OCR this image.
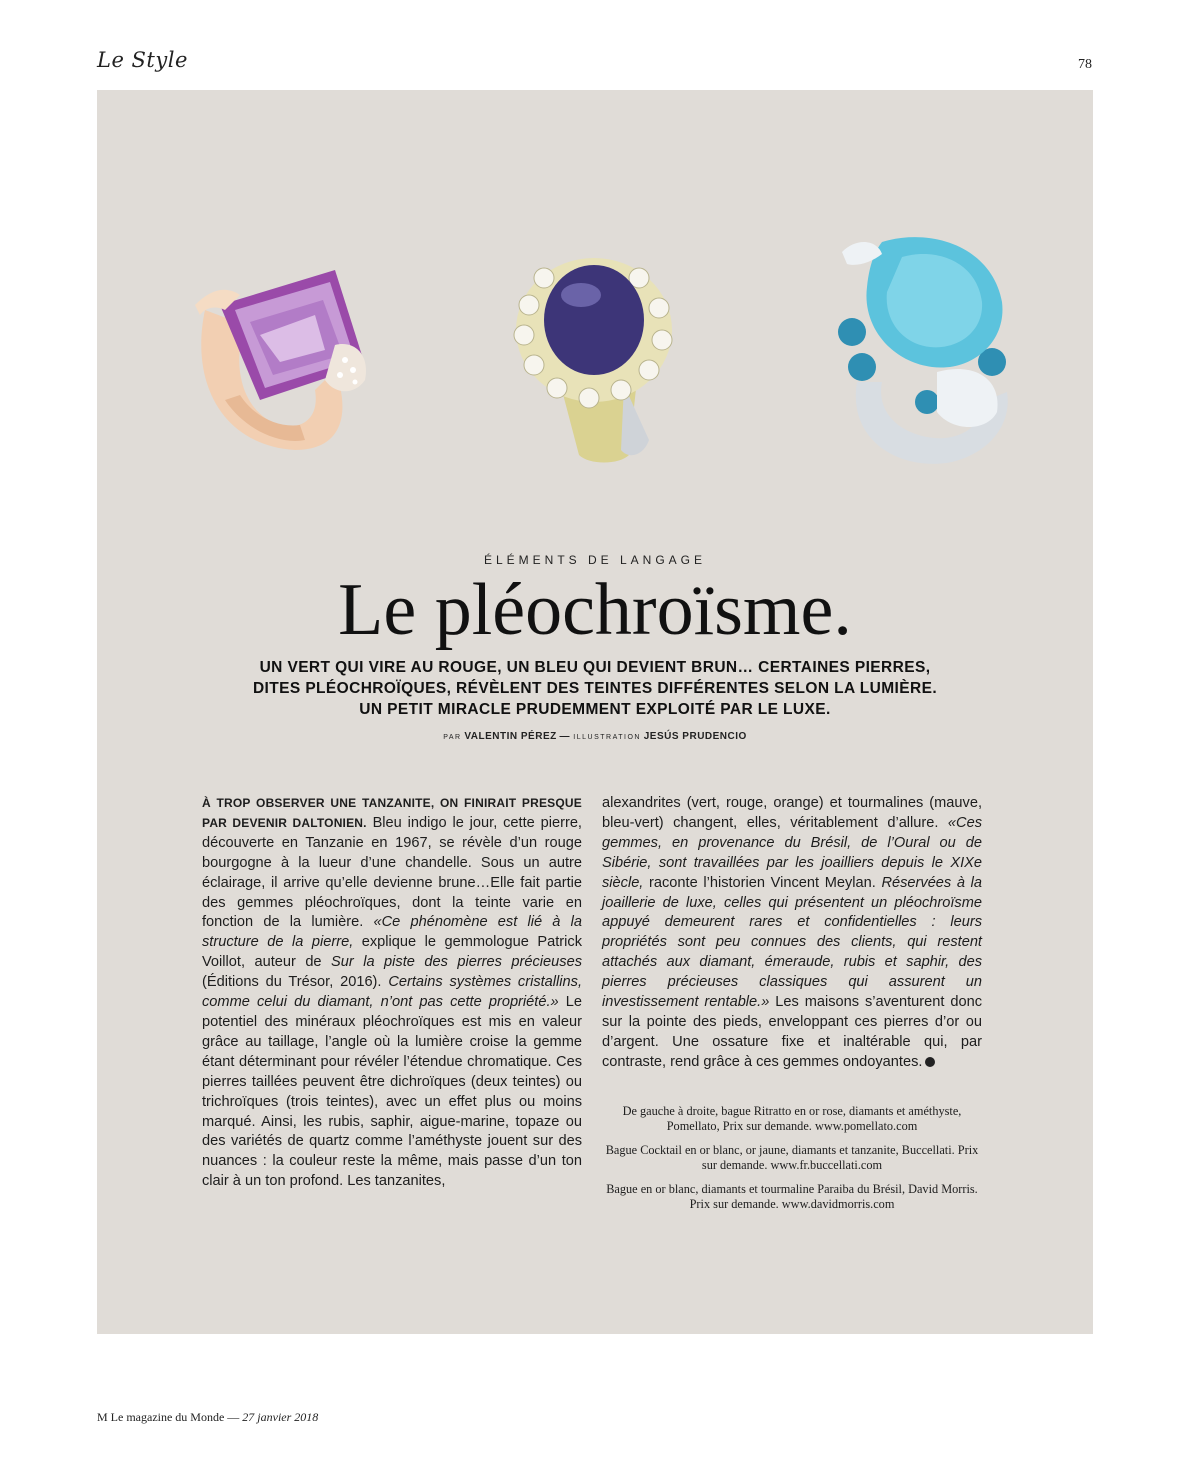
Le Style	78
ÉLÉMENTS DE LANGAGE
Le pléochroïsme.

UN VERT QUI VIRE AU ROUGE, UN BLEU QUI DEVIENT BRUN… CERTAINES PIERRES, DITES PLÉOCHROÏQUES, RÉVÈLENT DES TEINTES DIFFÉRENTES SELON LA LUMIÈRE. UN PETIT MIRACLE PRUDEMMENT EXPLOITÉ PAR LE LUXE.

PAR VALENTIN PÉREZ — ILLUSTRATION JESÚS PRUDENCIO

À TROP OBSERVER UNE TANZANITE, ON FINIRAIT PRESQUE PAR DEVENIR DALTONIEN. Bleu indigo le jour, cette pierre, découverte en Tanzanie en 1967, se révèle d’un rouge bourgogne à la lueur d’une chandelle. Sous un autre éclairage, il arrive qu’elle devienne brune…Elle fait partie des gemmes pléochroïques, dont la teinte varie en fonction de la lumière. «Ce phénomène est lié à la structure de la pierre, explique le gemmologue Patrick Voillot, auteur de Sur la piste des pierres précieuses (Éditions du Trésor, 2016). Certains systèmes cristallins, comme celui du diamant, n’ont pas cette propriété.» Le potentiel des minéraux pléochroïques est mis en valeur grâce au taillage, l’angle où la lumière croise la gemme étant déterminant pour révéler l’étendue chromatique. Ces pierres taillées peuvent être dichroïques (deux teintes) ou trichroïques (trois teintes), avec un effet plus ou moins marqué. Ainsi, les rubis, saphir, aigue-marine, topaze ou des variétés de quartz comme l’améthyste jouent sur des nuances : la couleur reste la même, mais passe d’un ton clair à un ton profond. Les tanzanites,

alexandrites (vert, rouge, orange) et tourmalines (mauve, bleu-vert) changent, elles, véritablement d’allure. «Ces gemmes, en provenance du Brésil, de l’Oural ou de Sibérie, sont travaillées par les joailliers depuis le XIXe siècle, raconte l’historien Vincent Meylan. Réservées à la joaillerie de luxe, celles qui présentent un pléochroïsme appuyé demeurent rares et confidentielles : leurs propriétés sont peu connues des clients, qui restent attachés aux diamant, émeraude, rubis et saphir, des pierres précieuses classiques qui assurent un investissement rentable.» Les maisons s’aventurent donc sur la pointe des pieds, enveloppant ces pierres d’or ou d’argent. Une ossature fixe et inaltérable qui, par contraste, rend grâce à ces gemmes ondoyantes.

De gauche à droite, bague Ritratto en or rose, diamants et améthyste, Pomellato, Prix sur demande. www.pomellato.com

Bague Cocktail en or blanc, or jaune, diamants et tanzanite, Buccellati. Prix sur demande. www.fr.buccellati.com

Bague en or blanc, diamants et tourmaline Paraiba du Brésil, David Morris. Prix sur demande. www.davidmorris.com

M Le magazine du Monde — 27 janvier 2018
